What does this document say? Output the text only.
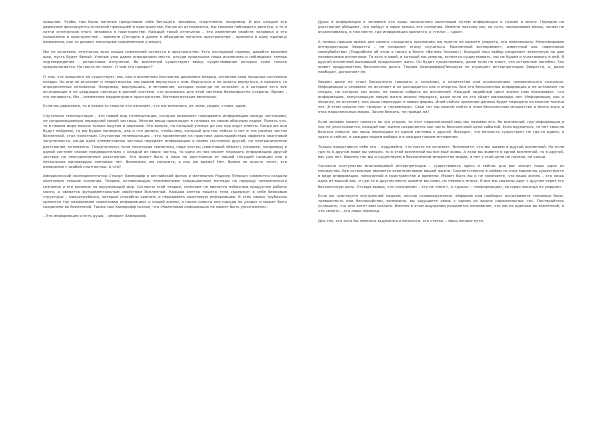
прошлое. Чтобы там было понятие представим себе бегущего человека, спортсмена, например. И вот каждое его движение фиксируется отличной проекцией в пространстве. Когда он остановится, мы сможем наблюдать десятки, а то и сотни отпечатков этого человека в пространстве. Каждый такой отпечаток – это изменение свойств человека и его положения в пространстве – времени (Сегодня и далее я объединю понятия пространства – времени в одну единицу измерения, как то делают некоторые современные ученые).

Мы не исчезаем, отпечаток всех наших изменений остается в пространстве. Есть наглядный пример, давайте возьмём шар, пусть будет белый. Ученые уже давно определили место, откуда произошла наша вселенная и наблюдают теперь подтверждение – реликтовое излучение. Во вселенной существуют вещи, существование которых тоже только предполагается. Но никто не знает. О чем это говорит?

О том, что прошлого не существует, мы, как и вселенная постоянно движемся вперед, оставляя свои прошлые состояния позади. Но они не исчезают и теоретически, мы можем вернуться к ним. Вернуться и не просто вернуться, а прожить те определенные мгновения. Например, вернувшись, в мгновение, которое никогда не исчезает и в котором есть все исчезающие и не уходящие частицы в данной системе, что оказались для этой системы безвозвратно утеряны. Время – это ненависть. Мы – изменение параметров в пространстве. Математические величины.

Если мы движемся, то в каком-то смысле это означает, что мы меняемся, не знаю, сидим, стоим, идем.

Спутанная телепортация – это новый вид телепортации, которая позволяет передавать информацию между частицами, не сопровождаемую передачей самой частицы. Многие вещи происходят в головах не своим обычным ладом. Понять что-то в нашем мире можно только ощутив и пережив. Это вопрос, на который ученые до сих пор ищут ответы. Когда же они будут найдены, то мы будем понимать, как и что делать, чтобы мир, который для нас сейчас и нет в тех разных частях Вселенной, стал понятным. Спутанная телепортация – это применение на практике дальнодействия эффекта квантовой запутанности, когда одна элементарная частица передает информацию о своем состоянии другой, на неограниченное расстояние, мгновенно. Теоретически, если некоторая связанная, пара частиц (квантовый объект) (человек, например) в одной системе связан предварительно с каждой из своих частиц, то одна из них может передать информацию другой частице на неограниченное расстояние. Это может быть в паре на расстоянии от нашей текущей позиции или в нескольких миллиардах световых лет. Возможно, вы спросите, а как же время? Нет. Время не просто течет, это измерение с особой плотностью. А что?

Американский экспериментатор Стюарт Хамерофф и английский физик и математик Роджер Пенроуз совместно создали квантовую теорию сознания. Теорию, оставляющую неизменными традиционные взгляды на природу человеческого сознания и его влияние на окружающий мир. Согласно этой теории, сознание не является побочным продуктом работы мозга, а является фундаментальным свойством Вселенной. Каждая клетка нашего тела содержит в себе белковые структуры – микротрубочки, которые способны хранить и передавать квантовую информацию. В этих самых трубочках хранится так называемая «квантовая информация» о нашей жизни, а после смерти она никуда не уходит и может быть сохранена во Вселенной. Также сам Хамерофф сказал, что «Квантовая информация не может быть уничтожена».

- Это информация и есть душа, - уверяет Хамерофф.

Душа и информация о человеке это лишь записанная квантовым путем информация о голове и мозге. Передав на расстояние обещают, что найдут в мире запись его сознания. Именно поэтому мы, по сути, переживаем вновь, ничем не ограничиваясь, в том месте, где информация хранится, а «тело» – «дом».

А теперь пришло время для самого страшного признания: вы просто не можете умереть, это невозможно. Многомировая интерпретация Эверетта – не позволит этому случиться. Мысленный эксперимент, известный как «квантовое самоубийство» (Подробнее об этом я писал в блоге «Вечная Эльзия»). Каждый наш выбор разделяет вселенную на две независимые вселенные. То есть в моей, в которой мы умерли, остается существовать, мы не будем и участвовать в ней. В другой вселенной выживший продолжает жить. Он будет существовать, даже если не знает, что остальные погибли. Так живет продолжатель бесконечно долго. Теория Хамероффа/Пенроуза не отрицает интерпретацию Эверетта, а, даже наоборот, дополняет ее.

Уверен даже не стоит бесконечно говорить о сознании, о количестве или ограничениях человеческого сознания. Информация о человеке не исчезает и не распадается как и энергия. Вся эта бесконечная информация и не оставляет на следах, на которых мы жили, ее можно собрать во вселенной. Каждый подобный цикл жизни нам показывает, что информацию, запускающую новую жизнь можно передать, даже если на это уйдет миллиарды лет. Информация, как и энергия, не исчезает, она лишь переходит в новые формы. Иной сейчас хранение данных будет передано на многие тысячи лет. В этом смысле нет «вчера» и «позавчера». Свое «я» мы можем найти в этом бесконечном множестве и вечно жить в этих параллельных мирах. Зачем бежать, не правда ли?

Если человек может попасть во что угодно, то этот параллельный мир мы назовем его. Во вселенной, где информация о нас не уничтожается, каждый миг жизни сохраняется как часть бесконечной цепи событий. Если вдуматься, то нет смысла бояться смерти: мы лишь переходим от одной системы к другой. Выходит, что вечность существует не где-то вдали, а здесь и сейчас, в каждом нашем выборе и в каждом нашем мгновении.

Только представьте себе это – подумайте, что ничто не исчезает. Вспомните, что мы живем в другой вселенной. Но если где-то в другом мире вы умерли, то в этой вселенной вы все еще живы. А если вы живете в одной вселенной, то в другой, вас уже нет. Именно так мы и существуем в бесконечном множестве миров, и нет у этой цепи ни начала, ни конца.

Согласно постулатам многомировой интерпретации – существовать здесь и сейчас для вас значит лишь одно из множества. Все остальные являются ответвлениями вашей жизни. Соответственно в любом из этих миров вы существуете в виде информации, записанной в пространстве и времени. Может быть вы и не замечаете, что ваша жизнь – это лишь одна из версий вас, и где-то в другом месте живете вы сами, но немного иначе. И все мы связаны друг с другом через эту бесконечную цепь. Отсюда вывод, что «сознание» – это не «мозг», а «душа» – «информация», которая никогда не умирает.

Если вы чувствуете внутренний подъем, легкое головокружение, эйфорию или наоборот испытываете головные боли, тревожность или беспокойство, возможно, вы ощущаете связь с одним из ваших параллельных «я». Постарайтесь услышать, что они хотят вам сказать. Именно в этом ощущении рождается понимание, что мы не одиноки во вселенной, и что смерть – это лишь переход.

Для тех, кто хотя бы немного задумался о вечности, эта статья – лишь начало пути.
